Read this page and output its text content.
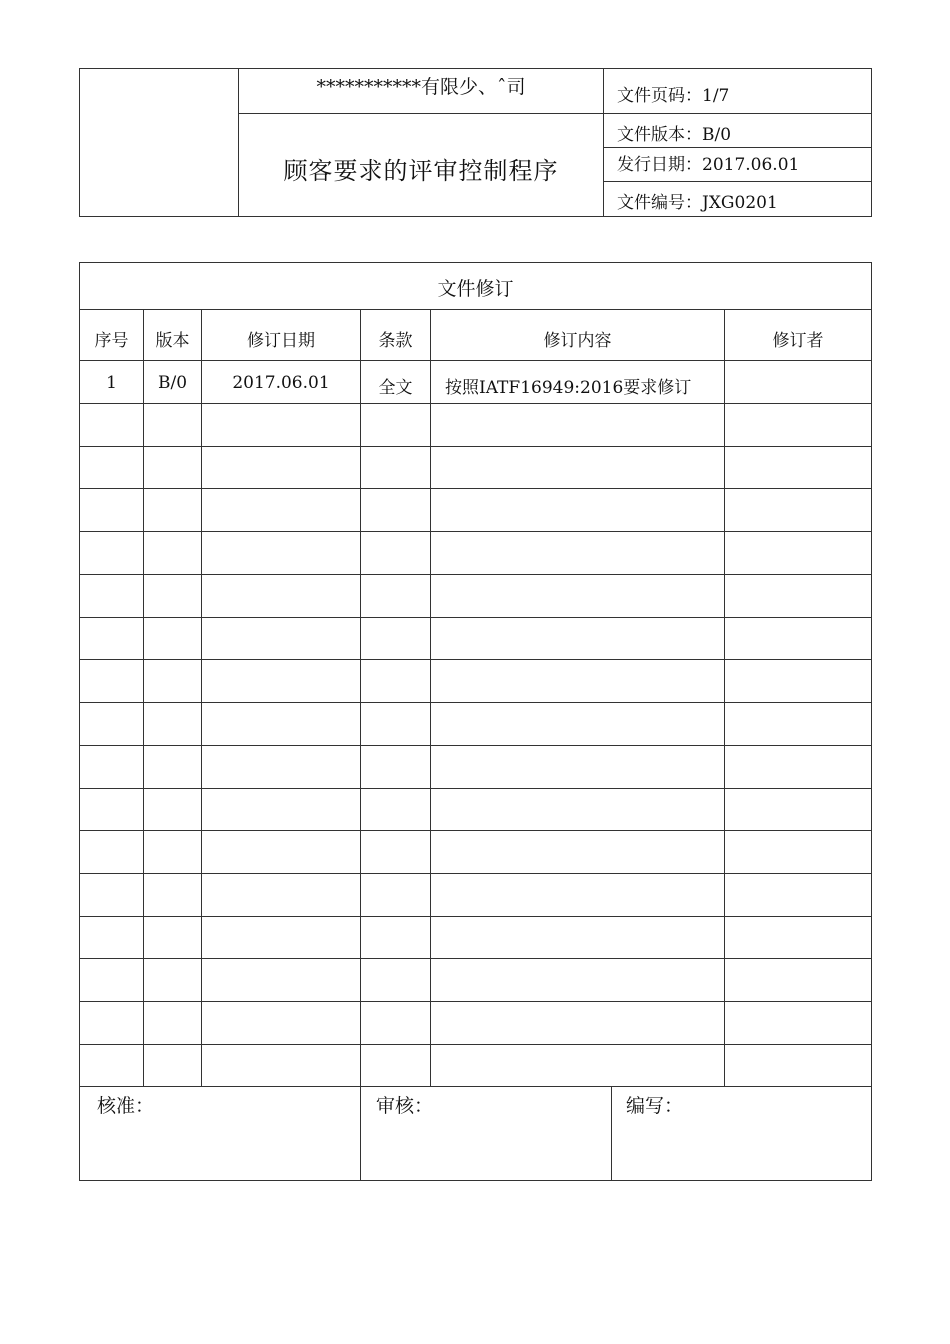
***********有限少、ˆ司
顾客要求的评审控制程序
文件页码：1/7
文件版本：B/0
发行日期：2017.06.01
文件编号：JXG0201
文件修订
序号	版本	修订日期	条款	修订内容	修订者
1	B/0	2017.06.01	全文	按照IATF16949:2016要求修订
核准：	审核：	编写：
